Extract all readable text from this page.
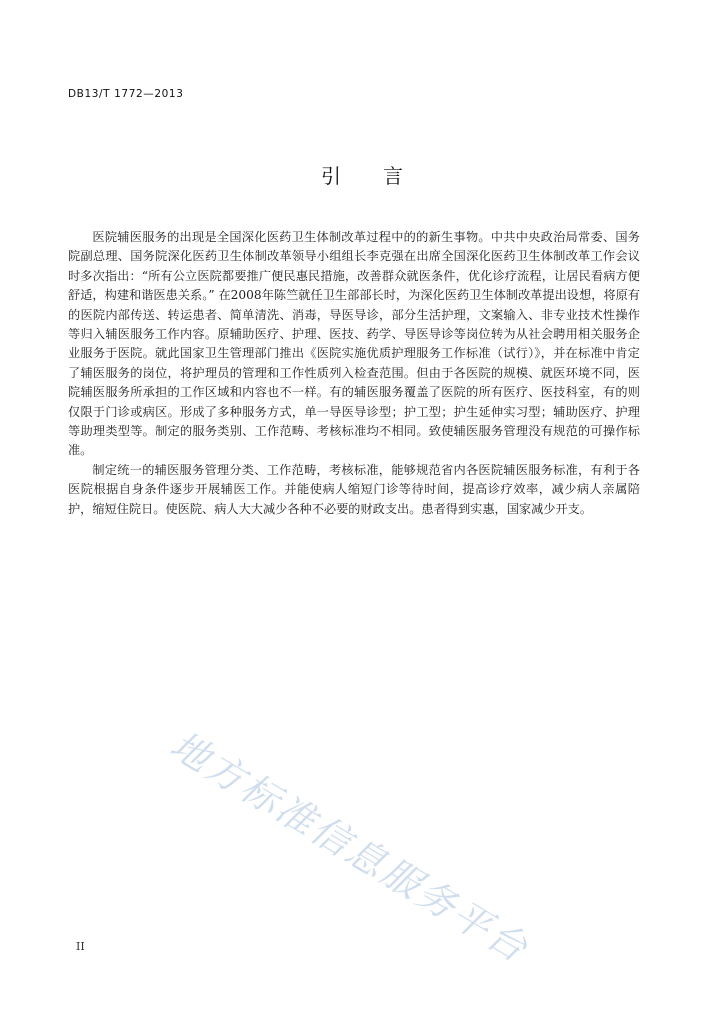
DB13/T 1772—2013
引言

医院辅医服务的出现是全国深化医药卫生体制改革过程中的的新生事物。中共中央政治局常委、国务院副总理、国务院深化医药卫生体制改革领导小组组长李克强在出席全国深化医药卫生体制改革工作会议时多次指出：“所有公立医院都要推广便民惠民措施，改善群众就医条件，优化诊疗流程，让居民看病方便舒适，构建和谐医患关系。” 在2008年陈竺就任卫生部部长时，为深化医药卫生体制改革提出设想，将原有的医院内部传送、转运患者、简单清洗、消毒，导医导诊，部分生活护理，文案输入、非专业技术性操作等归入辅医服务工作内容。原辅助医疗、护理、医技、药学、导医导诊等岗位转为从社会聘用相关服务企业服务于医院。就此国家卫生管理部门推出《医院实施优质护理服务工作标准（试行）》，并在标准中肯定了辅医服务的岗位，将护理员的管理和工作性质列入检查范围。但由于各医院的规模、就医环境不同，医院辅医服务所承担的工作区域和内容也不一样。有的辅医服务覆盖了医院的所有医疗、医技科室，有的则仅限于门诊或病区。形成了多种服务方式，单一导医导诊型；护工型；护生延伸实习型；辅助医疗、护理等助理类型等。制定的服务类别、工作范畴、考核标准均不相同。致使辅医服务管理没有规范的可操作标准。

制定统一的辅医服务管理分类、工作范畴，考核标准，能够规范省内各医院辅医服务标准，有利于各医院根据自身条件逐步开展辅医工作。并能使病人缩短门诊等待时间，提高诊疗效率，减少病人亲属陪护，缩短住院日。使医院、病人大大减少各种不必要的财政支出。患者得到实惠，国家减少开支。

地方标准信息服务平台
II
